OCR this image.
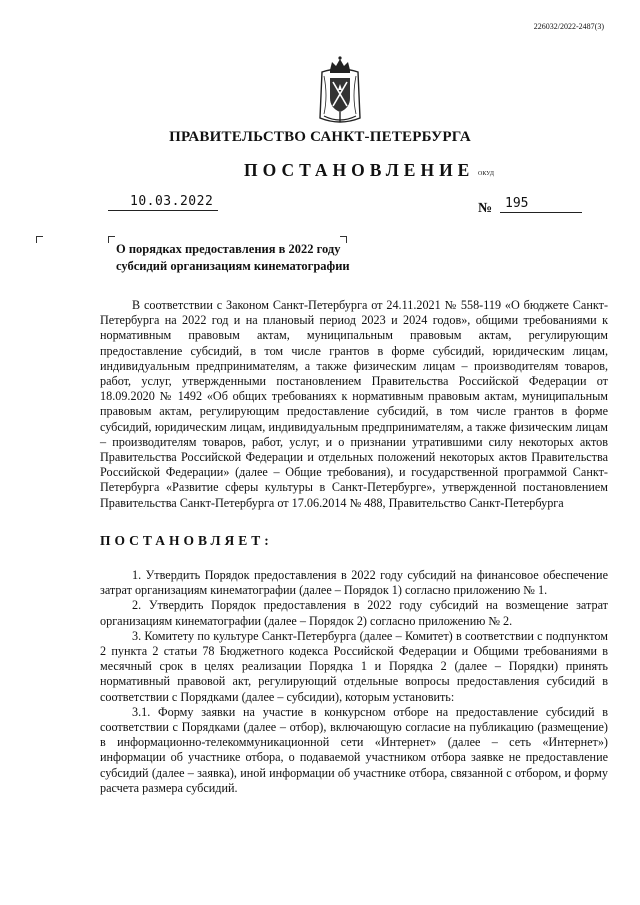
226032/2022-2487(3)
ПРАВИТЕЛЬСТВО САНКТ-ПЕТЕРБУРГА
ПОСТАНОВЛЕНИЕ ОКУД
10.03.2022	№ 195
О порядках предоставления в 2022 году
субсидий организациям кинематографии
В соответствии с Законом Санкт-Петербурга от 24.11.2021 № 558-119 «О бюджете Санкт-Петербурга на 2022 год и на плановый период 2023 и 2024 годов», общими требованиями к нормативным правовым актам, муниципальным правовым актам, регулирующим предоставление субсидий, в том числе грантов в форме субсидий, юридическим лицам, индивидуальным предпринимателям, а также физическим лицам – производителям товаров, работ, услуг, утвержденными постановлением Правительства Российской Федерации от 18.09.2020 № 1492 «Об общих требованиях к нормативным правовым актам, муниципальным правовым актам, регулирующим предоставление субсидий, в том числе грантов в форме субсидий, юридическим лицам, индивидуальным предпринимателям, а также физическим лицам – производителям товаров, работ, услуг, и о признании утратившими силу некоторых актов Правительства Российской Федерации и отдельных положений некоторых актов Правительства Российской Федерации» (далее – Общие требования), и государственной программой Санкт-Петербурга «Развитие сферы культуры в Санкт-Петербурге», утвержденной постановлением Правительства Санкт-Петербурга от 17.06.2014 № 488, Правительство Санкт-Петербурга
ПОСТАНОВЛЯЕТ:

1. Утвердить Порядок предоставления в 2022 году субсидий на финансовое обеспечение затрат организациям кинематографии (далее – Порядок 1) согласно приложению № 1.

2. Утвердить Порядок предоставления в 2022 году субсидий на возмещение затрат организациям кинематографии (далее – Порядок 2) согласно приложению № 2.

3. Комитету по культуре Санкт-Петербурга (далее – Комитет) в соответствии с подпунктом 2 пункта 2 статьи 78 Бюджетного кодекса Российской Федерации и Общими требованиями в месячный срок в целях реализации Порядка 1 и Порядка 2 (далее – Порядки) принять нормативный правовой акт, регулирующий отдельные вопросы предоставления субсидий в соответствии с Порядками (далее – субсидии), которым установить:

3.1. Форму заявки на участие в конкурсном отборе на предоставление субсидий в соответствии с Порядками (далее – отбор), включающую согласие на публикацию (размещение) в информационно-телекоммуникационной сети «Интернет» (далее – сеть «Интернет») информации об участнике отбора, о подаваемой участником отбора заявке не предоставление субсидий (далее – заявка), иной информации об участнике отбора, связанной с отбором, и форму расчета размера субсидий.
